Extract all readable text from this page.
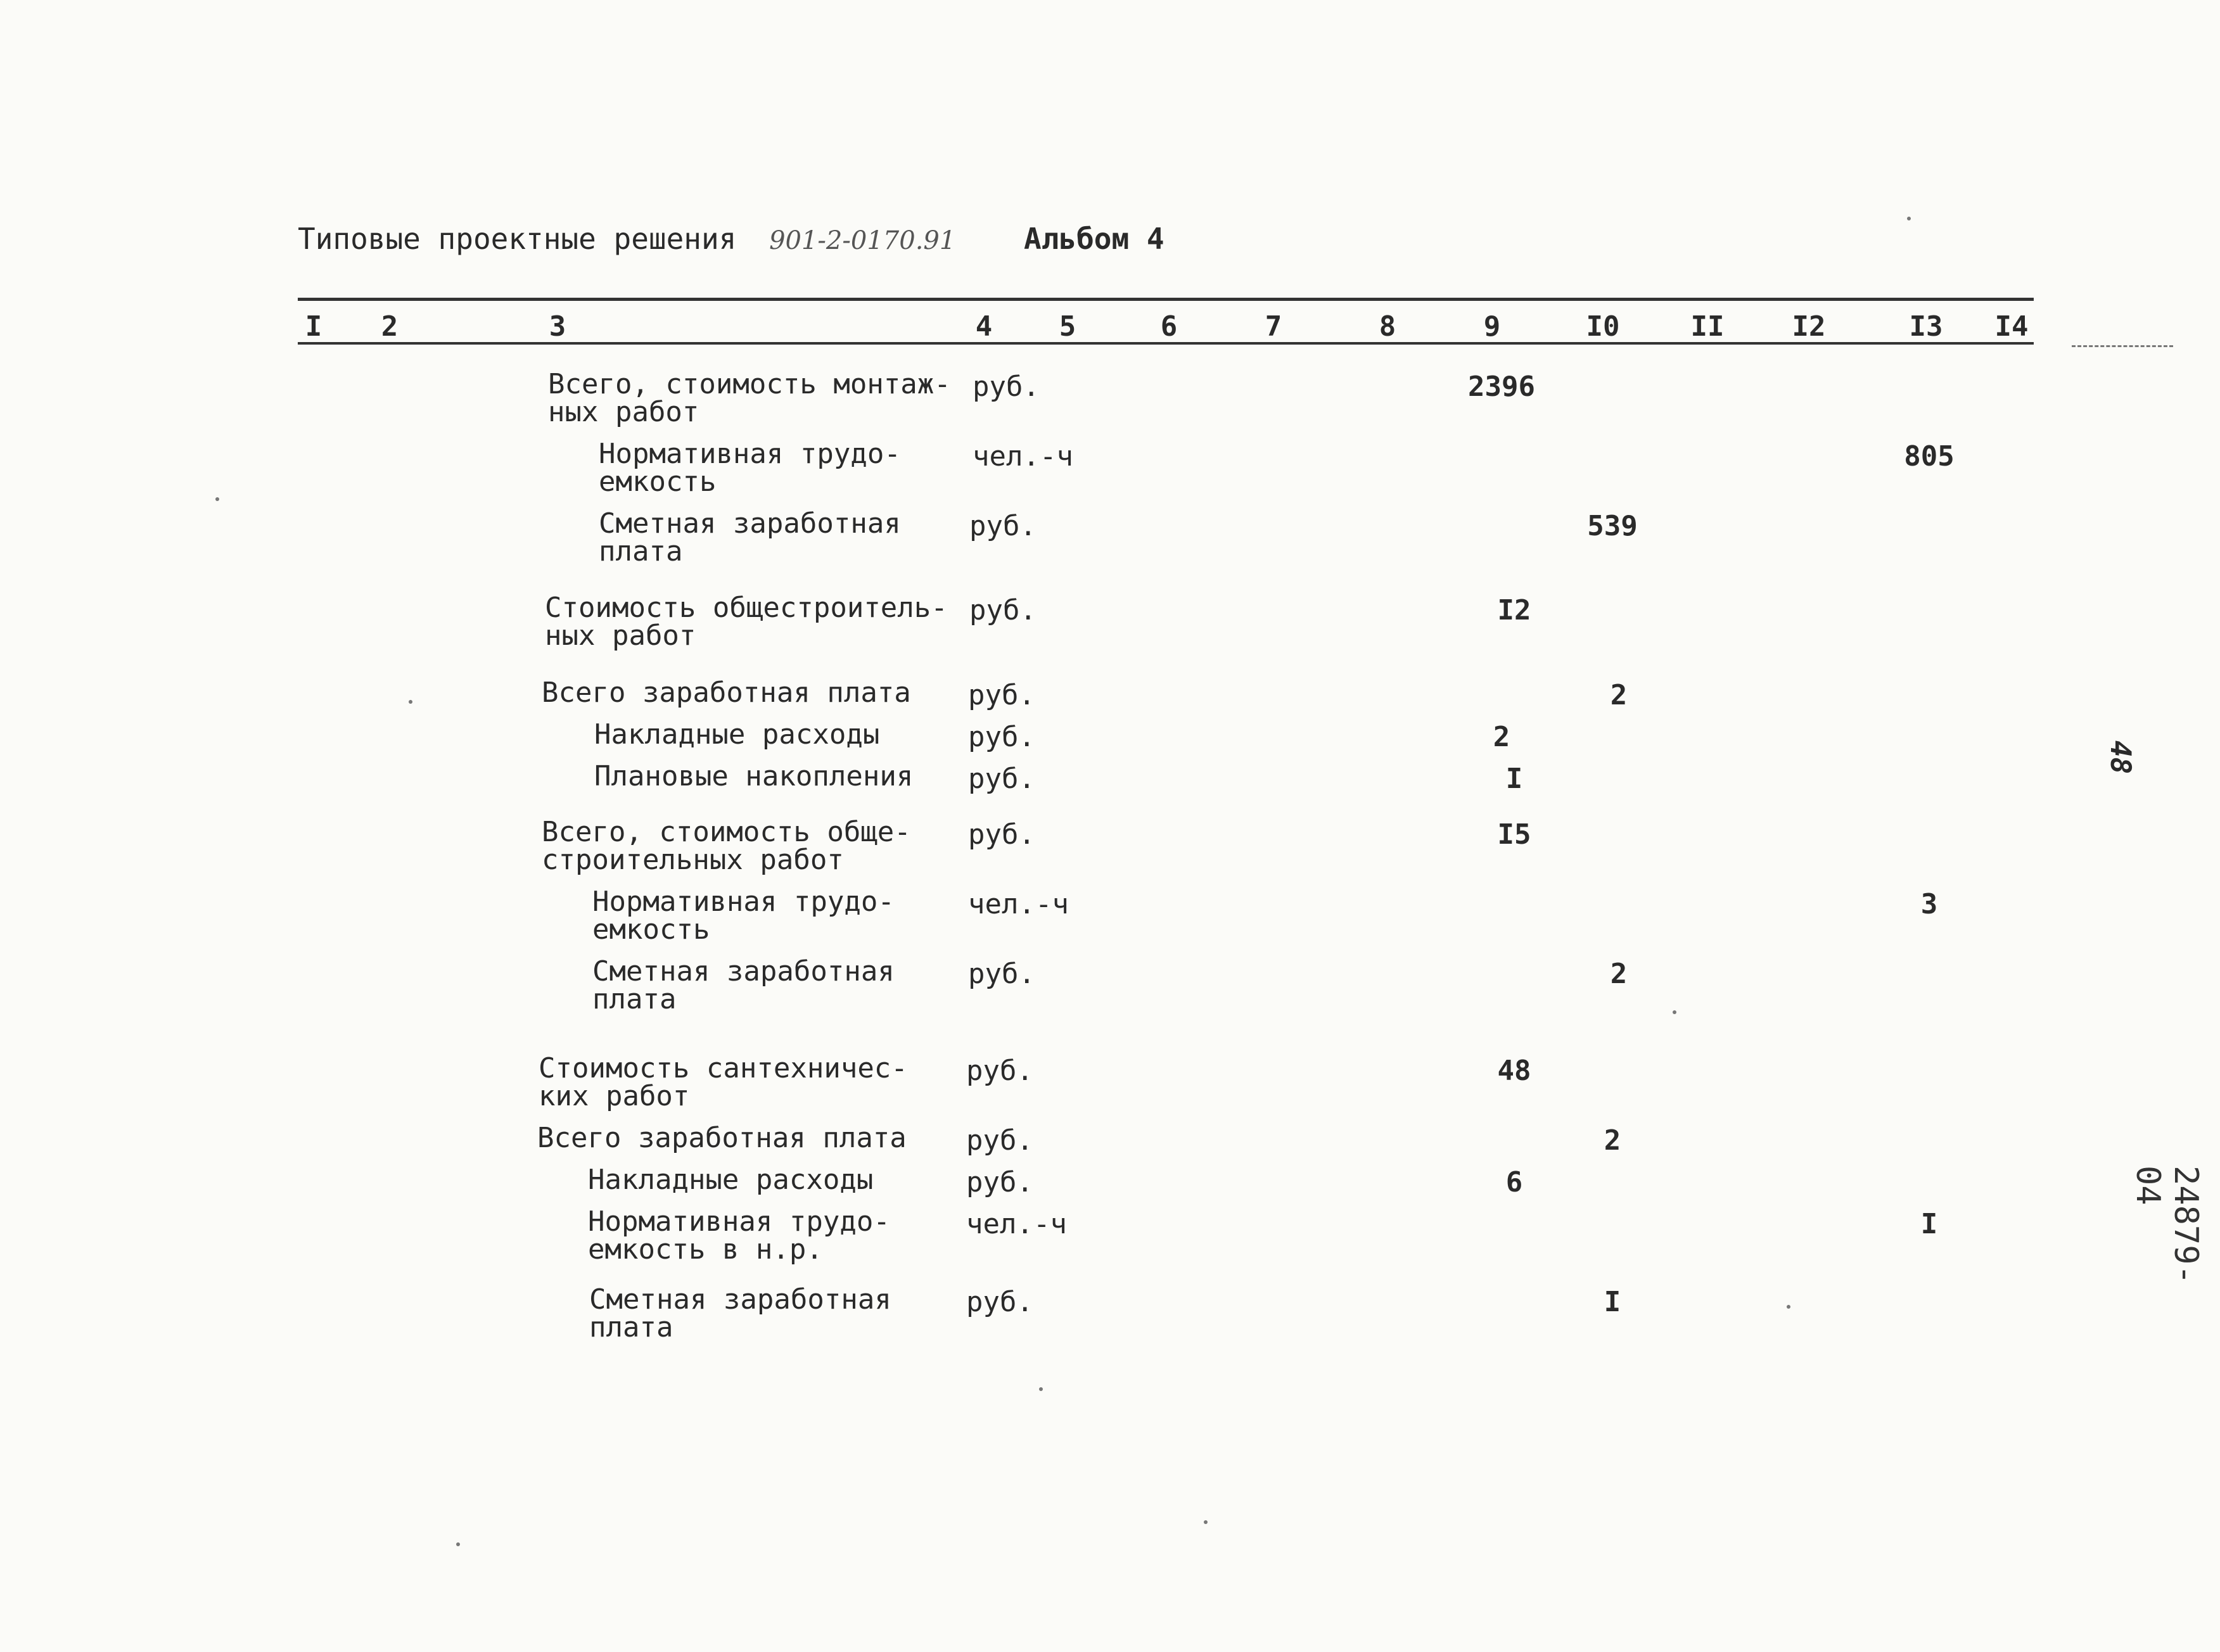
Типовые проектные решения 901-2-0170.91 Альбом 4
I 2	3	4 5	6	7	8	9	I0	II I2	I3 I4
Всего, стоимость монтаж-
ных работ
руб.	2396
Нормативная трудо-
емкость
чел.-ч	805
Сметная заработная
плата
руб.	539
Стоимость общестроитель-
ных работ
руб.	I2
Всего заработная плата руб.	2
Накладные расходы	руб.	2
Плановые накопления руб.	I
Всего, стоимость обще-
строительных работ
руб.	I5
Нормативная трудо-
емкость
чел.-ч	3
Сметная заработная
плата
руб.	2
Стоимость сантехничес-
ких работ
руб.	48
Всего заработная плата руб.	2
Накладные расходы	руб.	6
Нормативная трудо-
емкость в н.р.
чел.-ч	I
Сметная заработная
плата
руб.	I
24879-04
48
